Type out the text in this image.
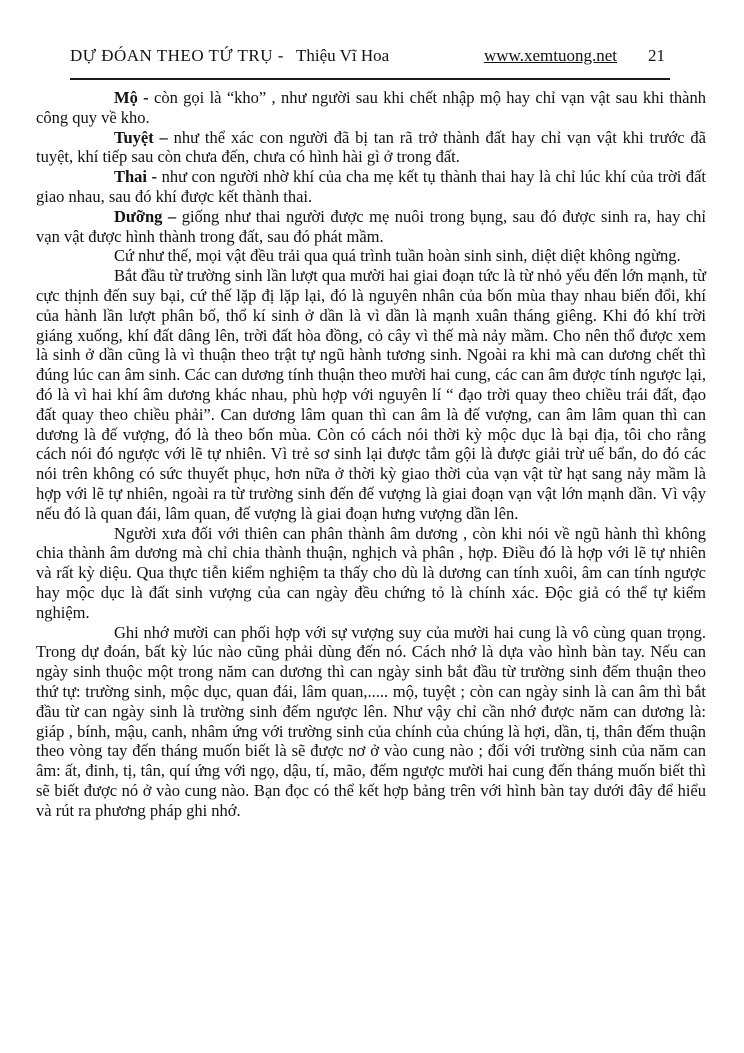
DỰ ĐÓAN THEO TỨ TRỤ - Thiệu Vĩ Hoa	www.xemtuong.net 21

Mộ - còn gọi là “kho” , như người sau khi chết nhập mộ hay chỉ vạn vật sau khi thành công quy về kho.

Tuyệt – như thể xác con người đã bị tan rã trở thành đất hay chỉ vạn vật khi trước đã tuyệt, khí tiếp sau còn chưa đến, chưa có hình hài gì ở trong đất.

Thai - như con người nhờ khí của cha mẹ kết tụ thành thai hay là chỉ lúc khí của trời đất giao nhau, sau đó khí được kết thành thai.

Dưỡng – giống như thai người được mẹ nuôi trong bụng, sau đó được sinh ra, hay chỉ vạn vật được hình thành trong đất, sau đó phát mầm.

Cứ như thế, mọi vật đều trải qua quá trình tuần hoàn sinh sinh, diệt diệt không ngừng.

Bắt đầu từ trường sinh lần lượt qua mười hai giai đoạn tức là từ nhỏ yếu đến lớn mạnh, từ cực thịnh đến suy bại, cứ thế lặp đị lặp lại, đó là nguyên nhân của bốn mùa thay nhau biến đổi, khí của hành lần lượt phân bố, thổ kí sinh ở dần là vì dần là mạnh xuân tháng giêng. Khi đó khí trời giáng xuống, khí đất dâng lên, trời đất hòa đồng, cỏ cây vì thế mà nảy mầm. Cho nên thổ được xem là sinh ở dần cũng là vì thuận theo trật tự ngũ hành tương sinh. Ngoài ra khi mà can dương chết thì đúng lúc can âm sinh. Các can dương tính thuận theo mười hai cung, các can âm được tính ngược lại, đó là vì hai khí âm dương khác nhau, phù hợp với nguyên lí “ đạo trời quay theo chiều trái đất, đạo đất quay theo chiều phải”. Can dương lâm quan thì can âm là đế vượng, can âm lâm quan thì can dương là đế vượng, đó là theo bốn mùa. Còn có cách nói thời kỳ mộc dục là bại địa, tôi cho rằng cách nói đó ngược với lẽ tự nhiên. Vì trẻ sơ sinh lại được tắm gội là được giải trừ uế bẩn, do đó các nói trên không có sức thuyết phục, hơn nữa ở thời kỳ giao thời của vạn vật từ hạt sang nảy mầm là hợp với lẽ tự nhiên, ngoài ra từ trường sinh đến đế vượng là giai đoạn vạn vật lớn mạnh dần. Vì vậy nếu đó là quan đái, lâm quan, đế vượng là giai đoạn hưng vượng dần lên.

Người xưa đối với thiên can phân thành âm dương , còn khi nói về ngũ hành thì không chia thành âm dương mà chỉ chia thành thuận, nghịch và phân , hợp. Điều đó là hợp với lẽ tự nhiên và rất kỳ diệu. Qua thực tiễn kiểm nghiệm ta thấy cho dù là dương can tính xuôi, âm can tính ngược hay mộc dục là đất sinh vượng của can ngày đều chứng tỏ là chính xác. Độc giả có thể tự kiểm nghiệm.

Ghi nhớ mười can phối hợp với sự vượng suy của mười hai cung là vô cùng quan trọng. Trong dự đoán, bất kỳ lúc nào cũng phải dùng đến nó. Cách nhớ là dựa vào hình bàn tay. Nếu can ngày sinh thuộc một trong năm can dương thì can ngày sinh bắt đầu từ trường sinh đếm thuận theo thứ tự: trường sinh, mộc dục, quan đái, lâm quan,..... mộ, tuyệt ; còn can ngày sinh là can âm thì bắt đầu từ can ngày sinh là trường sinh đếm ngược lên. Như vậy chỉ cần nhớ được năm can dương là: giáp , bính, mậu, canh, nhâm ứng với trường sinh của chính của chúng là hợi, dần, tị, thân đếm thuận theo vòng tay đến tháng muốn biết là sẽ được nơ ở vào cung nào ; đối với trường sinh của năm can âm: ất, đinh, tị, tân, quí ứng với ngọ, dậu, tí, mão, đếm ngược mười hai cung đến tháng muốn biết thì sẽ biết được nó ở vào cung nào. Bạn đọc có thể kết hợp bảng trên với hình bàn tay dưới đây để hiểu và rút ra phương pháp ghi nhớ.
